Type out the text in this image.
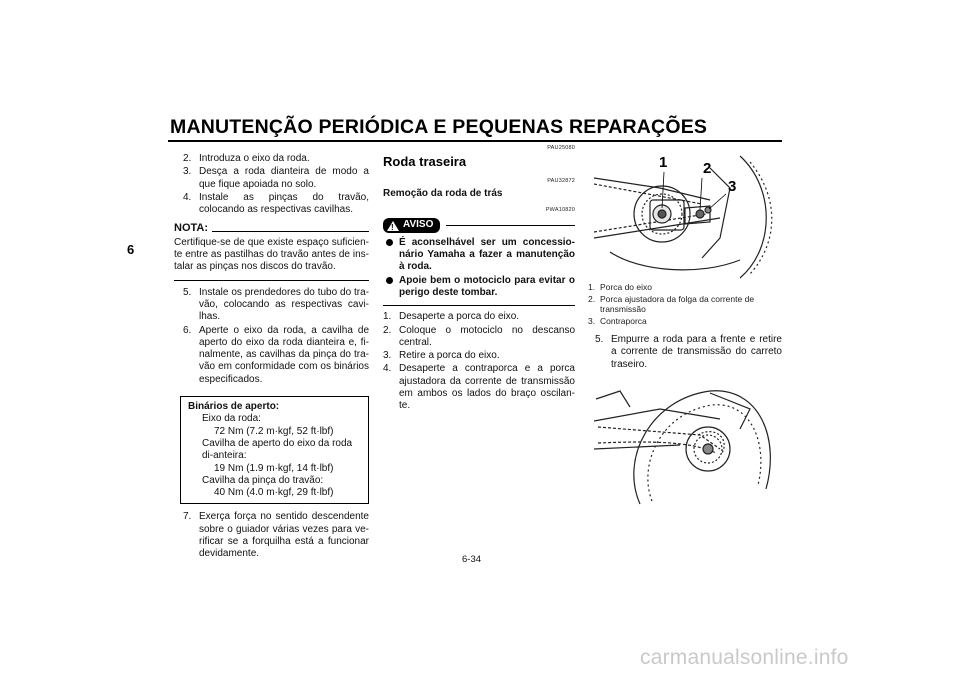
MANUTENÇÃO PERIÓDICA E PEQUENAS REPARAÇÕES
6
2. Introduza o eixo da roda.
3. Desça a roda dianteira de modo a que fique apoiada no solo.
4. Instale as pinças do travão, colocando as respectivas cavilhas.
NOTA:
Certifique-se de que existe espaço suficien-te entre as pastilhas do travão antes de ins-talar as pinças nos discos do travão.
5. Instale os prendedores do tubo do tra-vão, colocando as respectivas cavi-lhas.
6. Aperte o eixo da roda, a cavilha de aperto do eixo da roda dianteira e, fi-nalmente, as cavilhas da pinça do tra-vão em conformidade com os binários especificados.
Binários de aperto:
Eixo da roda:
72 Nm (7.2 m·kgf, 52 ft·lbf)
Cavilha de aperto do eixo da roda di-anteira:
19 Nm (1.9 m·kgf, 14 ft·lbf)
Cavilha da pinça do travão:
40 Nm (4.0 m·kgf, 29 ft·lbf)
7. Exerça força no sentido descendente sobre o guiador várias vezes para ve-rificar se a forquilha está a funcionar devidamente.
PAU25080
Roda traseira
PAU32872
Remoção da roda de trás
PWA10820
! AVISO
É aconselhável ser um concessio-nário Yamaha a fazer a manutenção à roda.
Apoie bem o motociclo para evitar o perigo deste tombar.
1. Desaperte a porca do eixo.
2. Coloque o motociclo no descanso central.
3. Retire a porca do eixo.
4. Desaperte a contraporca e a porca ajustadora da corrente de transmissão em ambos os lados do braço oscilan-te.
1 2
3
1. Porca do eixo
2. Porca ajustadora da folga da corrente de transmissão
3. Contraporca
5. Empurre a roda para a frente e retire a corrente de transmissão do carreto traseiro.
6-34
carmanualsonline.info
